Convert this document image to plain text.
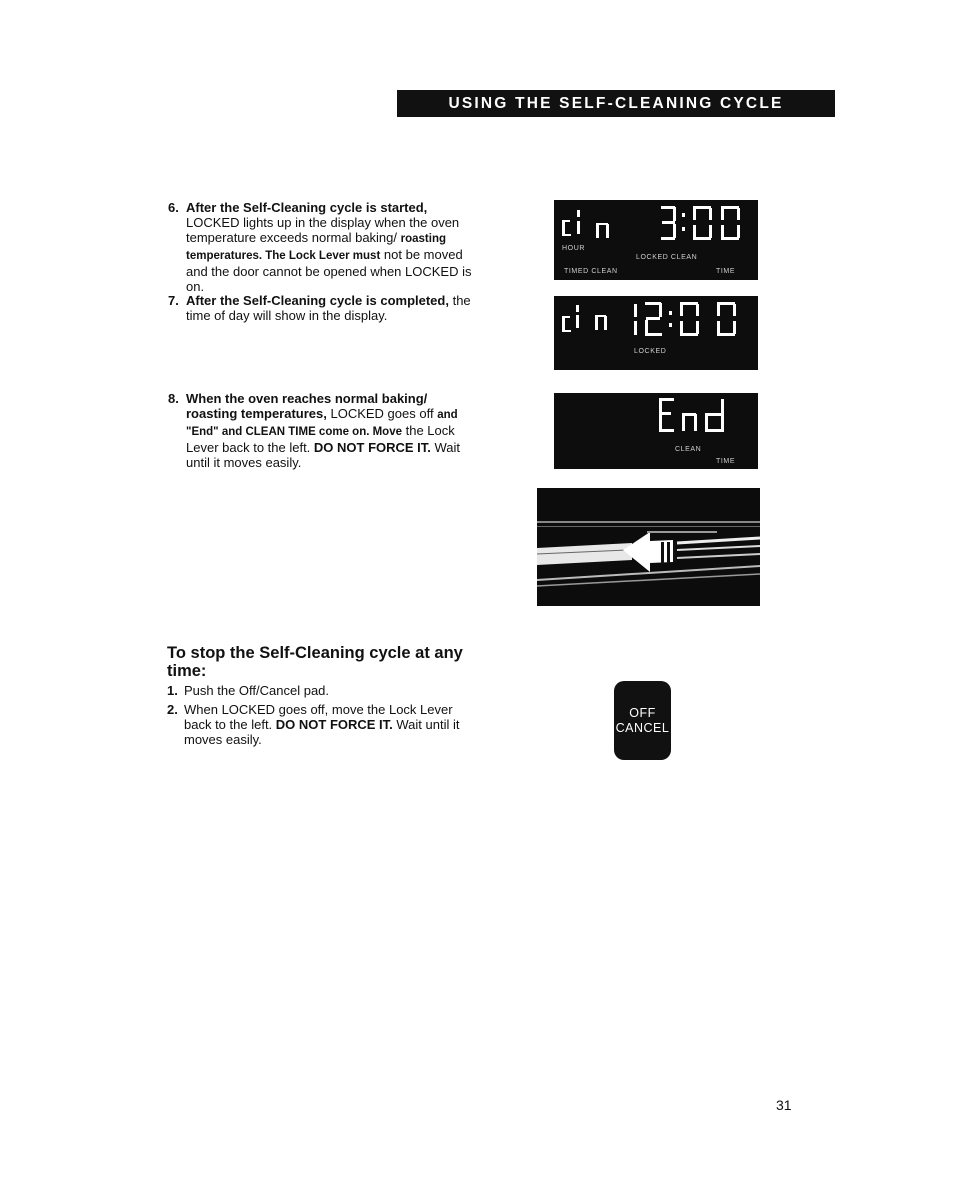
USING THE SELF-CLEANING CYCLE
6. After the Self-Cleaning cycle is started, LOCKED lights up in the display when the oven temperature exceeds normal baking/ roasting temperatures. The Lock Lever must not be moved and the door cannot be opened when LOCKED is on.
7. After the Self-Cleaning cycle is completed, the time of day will show in the display.
8. When the oven reaches normal baking/ roasting temperatures, LOCKED goes off and "End" and CLEAN TIME come on. Move the Lock Lever back to the left. DO NOT FORCE IT. Wait until it moves easily.
HOUR
LOCKED CLEAN
TIMED CLEAN	TIME
LOCKED
CLEAN
TIME
To stop the Self-Cleaning cycle at any time:
1. Push the Off/Cancel pad.
2. When LOCKED goes off, move the Lock Lever back to the left. DO NOT FORCE IT. Wait until it moves easily.
OFF
CANCEL
31
